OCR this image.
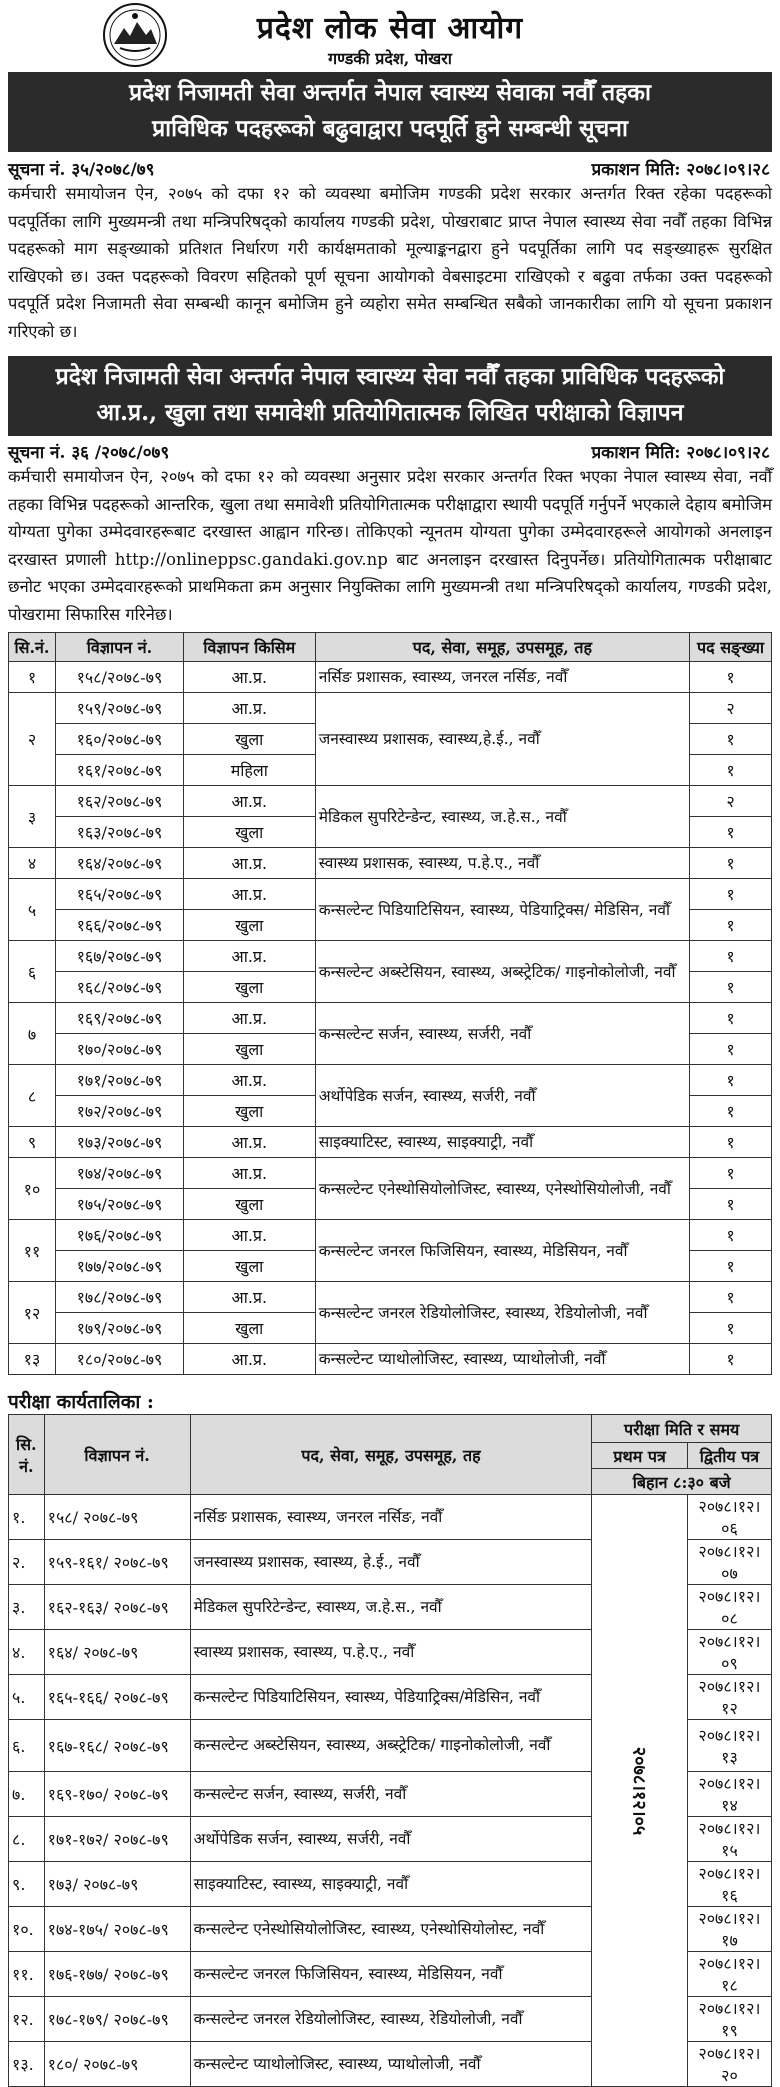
प्रदेश लोक सेवा आयोग
गण्डकी प्रदेश, पोखरा
प्रदेश निजामती सेवा अन्तर्गत नेपाल स्वास्थ्य सेवाका नवौँ तहका
प्राविधिक पदहरूको बढुवाद्वारा पदपूर्ति हुने सम्बन्धी सूचना
सूचना नं. ३५/२०७८/७९	प्रकाशन मिति: २०७८।०९।२८
कर्मचारी समायोजन ऐन, २०७५ को दफा १२ को व्यवस्था बमोजिम गण्डकी प्रदेश सरकार अन्तर्गत रिक्त रहेका पदहरूको पदपूर्तिका लागि मुख्यमन्त्री तथा मन्त्रिपरिषद्को कार्यालय गण्डकी प्रदेश, पोखराबाट प्राप्त नेपाल स्वास्थ्य सेवा नवौँ तहका विभिन्न पदहरूको माग सङ्ख्याको प्रतिशत निर्धारण गरी कार्यक्षमताको मूल्याङ्कनद्वारा हुने पदपूर्तिका लागि पद सङ्ख्याहरू सुरक्षित राखिएको छ। उक्त पदहरूको विवरण सहितको पूर्ण सूचना आयोगको वेबसाइटमा राखिएको र बढुवा तर्फका उक्त पदहरूको पदपूर्ति प्रदेश निजामती सेवा सम्बन्धी कानून बमोजिम हुने व्यहोरा समेत सम्बन्धित सबैको जानकारीका लागि यो सूचना प्रकाशन गरिएको छ।
प्रदेश निजामती सेवा अन्तर्गत नेपाल स्वास्थ्य सेवा नवौँ तहका प्राविधिक पदहरूको
आ.प्र., खुला तथा समावेशी प्रतियोगितात्मक लिखित परीक्षाको विज्ञापन
सूचना नं. ३६ /२०७८/०७९	प्रकाशन मिति: २०७८।०९।२८
कर्मचारी समायोजन ऐन, २०७५ को दफा १२ को व्यवस्था अनुसार प्रदेश सरकार अन्तर्गत रिक्त भएका नेपाल स्वास्थ्य सेवा, नवौँ तहका विभिन्न पदहरूको आन्तरिक, खुला तथा समावेशी प्रतियोगितात्मक परीक्षाद्वारा स्थायी पदपूर्ति गर्नुपर्ने भएकाले देहाय बमोजिम योग्यता पुगेका उम्मेदवारहरूबाट दरखास्त आह्वान गरिन्छ। तोकिएको न्यूनतम योग्यता पुगेका उम्मेदवारहरूले आयोगको अनलाइन दरखास्त प्रणाली http://onlineppsc.gandaki.gov.np बाट अनलाइन दरखास्त दिनुपर्नेछ। प्रतियोगितात्मक परीक्षाबाट छनोट भएका उम्मेदवारहरूको प्राथमिकता क्रम अनुसार नियुक्तिका लागि मुख्यमन्त्री तथा मन्त्रिपरिषद्को कार्यालय, गण्डकी प्रदेश, पोखरामा सिफारिस गरिनेछ।
सि.नं.	विज्ञापन नं.	विज्ञापन किसिम	पद, सेवा, समूह, उपसमूह, तह	पद सङ्ख्या
१	१५८/२०७८-७९	आ.प्र.	नर्सिङ प्रशासक, स्वास्थ्य, जनरल नर्सिङ, नवौँ	१
२	१५९/२०७८-७९	आ.प्र.	जनस्वास्थ्य प्रशासक, स्वास्थ्य,हे.ई., नवौँ	२
	१६०/२०७८-७९	खुला		१
	१६१/२०७८-७९	महिला		१
३	१६२/२०७८-७९	आ.प्र.	मेडिकल सुपरिटेन्डेन्ट, स्वास्थ्य, ज.हे.स., नवौँ	२
	१६३/२०७८-७९	खुला		१
४	१६४/२०७८-७९	आ.प्र.	स्वास्थ्य प्रशासक, स्वास्थ्य, प.हे.ए., नवौँ	१
५	१६५/२०७८-७९	आ.प्र.	कन्सल्टेन्ट पिडियाटिसियन, स्वास्थ्य, पेडियाट्रिक्स/ मेडिसिन, नवौँ	१
	१६६/२०७८-७९	खुला		१
६	१६७/२०७८-७९	आ.प्र.	कन्सल्टेन्ट अब्स्टेसियन, स्वास्थ्य, अब्स्ट्रेटिक/ गाइनोकोलोजी, नवौँ	१
	१६८/२०७८-७९	खुला		१
७	१६९/२०७८-७९	आ.प्र.	कन्सल्टेन्ट सर्जन, स्वास्थ्य, सर्जरी, नवौँ	१
	१७०/२०७८-७९	खुला		१
८	१७१/२०७८-७९	आ.प्र.	अर्थोपेडिक सर्जन, स्वास्थ्य, सर्जरी, नवौँ	१
	१७२/२०७८-७९	खुला		१
९	१७३/२०७८-७९	आ.प्र.	साइक्याटिस्ट, स्वास्थ्य, साइक्याट्री, नवौँ	१
१०	१७४/२०७८-७९	आ.प्र.	कन्सल्टेन्ट एनेस्थोसियोलोजिस्ट, स्वास्थ्य, एनेस्थोसियोलोजी, नवौँ	१
	१७५/२०७८-७९	खुला		१
११	१७६/२०७८-७९	आ.प्र.	कन्सल्टेन्ट जनरल फिजिसियन, स्वास्थ्य, मेडिसियन, नवौँ	१
	१७७/२०७८-७९	खुला		१
१२	१७८/२०७८-७९	आ.प्र.	कन्सल्टेन्ट जनरल रेडियोलोजिस्ट, स्वास्थ्य, रेडियोलोजी, नवौँ	१
	१७९/२०७८-७९	खुला		१
१३	१८०/२०७८-७९	आ.प्र.	कन्सल्टेन्ट प्याथोलोजिस्ट, स्वास्थ्य, प्याथोलोजी, नवौँ	१
परीक्षा कार्यतालिका :
सि. नं.	विज्ञापन नं.	पद, सेवा, समूह, उपसमूह, तह	परीक्षा मिति र समय	
			प्रथम पत्र	द्वितीय पत्र
			बिहान ८:३० बजे	
१.	१५८/ २०७८-७९	नर्सिङ प्रशासक, स्वास्थ्य, जनरल नर्सिङ, नवौँ	२०७८।१२।०५	२०७८।१२।०६
२.	१५९-१६१/ २०७८-७९	जनस्वास्थ्य प्रशासक, स्वास्थ्य, हे.ई., नवौँ		२०७८।१२।०७
३.	१६२-१६३/ २०७८-७९	मेडिकल सुपरिटेन्डेन्ट, स्वास्थ्य, ज.हे.स., नवौँ		२०७८।१२।०८
४.	१६४/ २०७८-७९	स्वास्थ्य प्रशासक, स्वास्थ्य, प.हे.ए., नवौँ		२०७८।१२।०९
५.	१६५-१६६/ २०७८-७९	कन्सल्टेन्ट पिडियाटिसियन, स्वास्थ्य, पेडियाट्रिक्स/मेडिसिन, नवौँ		२०७८।१२।१२
६.	१६७-१६८/ २०७८-७९	कन्सल्टेन्ट अब्स्टेसियन, स्वास्थ्य, अब्स्ट्रेटिक/ गाइनोकोलोजी, नवौँ		२०७८।१२।१३
७.	१६९-१७०/ २०७८-७९	कन्सल्टेन्ट सर्जन, स्वास्थ्य, सर्जरी, नवौँ		२०७८।१२।१४
८.	१७१-१७२/ २०७८-७९	अर्थोपेडिक सर्जन, स्वास्थ्य, सर्जरी, नवौँ		२०७८।१२।१५
९.	१७३/ २०७८-७९	साइक्याटिस्ट, स्वास्थ्य, साइक्याट्री, नवौँ		२०७८।१२।१६
१०.	१७४-१७५/ २०७८-७९	कन्सल्टेन्ट एनेस्थोसियोलोजिस्ट, स्वास्थ्य, एनेस्थोसियोलोस्ट, नवौँ		२०७८।१२।१७
११.	१७६-१७७/ २०७८-७९	कन्सल्टेन्ट जनरल फिजिसियन, स्वास्थ्य, मेडिसियन, नवौँ		२०७८।१२।१८
१२.	१७८-१७९/ २०७८-७९	कन्सल्टेन्ट जनरल रेडियोलोजिस्ट, स्वास्थ्य, रेडियोलोजी, नवौँ		२०७८।१२।१९
१३.	१८०/ २०७८-७९	कन्सल्टेन्ट प्याथोलोजिस्ट, स्वास्थ्य, प्याथोलोजी, नवौँ		२०७८।१२।२०
